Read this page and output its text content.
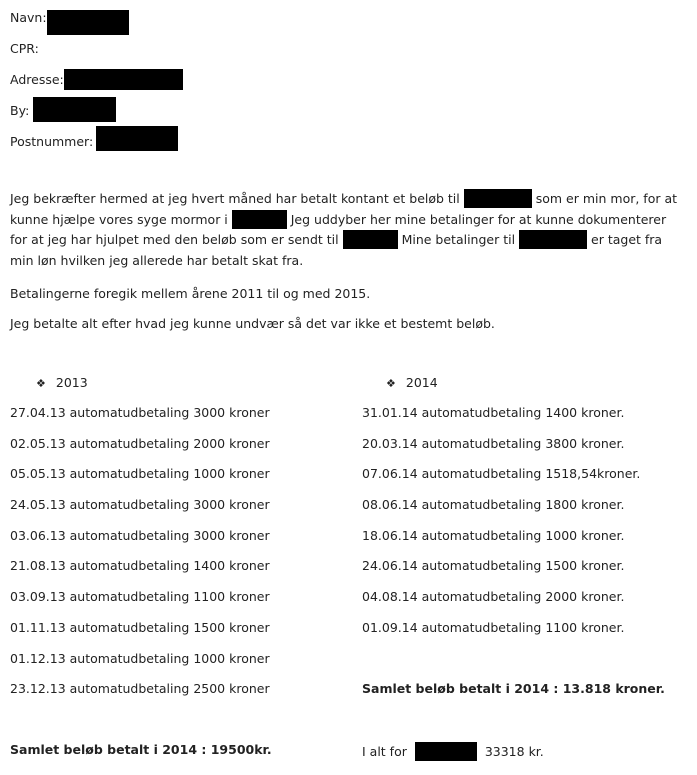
Navn:
CPR:
Adresse:
By:
Postnummer:
Jeg bekræfter hermed at jeg hvert måned har betalt kontant et beløb til	som er min mor, for at
kunne hjælpe vores syge mormor i	Jeg uddyber her mine betalinger for at kunne dokumenterer
for at jeg har hjulpet med den beløb som er sendt til	Mine betalinger til	er taget fra
min løn hvilken jeg allerede har betalt skat fra.
Betalingerne foregik mellem årene 2011 til og med 2015.
Jeg betalte alt efter hvad jeg kunne undvær så det var ikke et bestemt beløb.
❖ 2013
27.04.13 automatudbetaling 3000 kroner
02.05.13 automatudbetaling 2000 kroner
05.05.13 automatudbetaling 1000 kroner
24.05.13 automatudbetaling 3000 kroner
03.06.13 automatudbetaling 3000 kroner
21.08.13 automatudbetaling 1400 kroner
03.09.13 automatudbetaling 1100 kroner
01.11.13 automatudbetaling 1500 kroner
01.12.13 automatudbetaling 1000 kroner
23.12.13 automatudbetaling 2500 kroner
Samlet beløb betalt i 2014 : 19500kr.
❖ 2014
31.01.14 automatudbetaling 1400 kroner.
20.03.14 automatudbetaling 3800 kroner.
07.06.14 automatudbetaling 1518,54kroner.
08.06.14 automatudbetaling 1800 kroner.
18.06.14 automatudbetaling 1000 kroner.
24.06.14 automatudbetaling 1500 kroner.
04.08.14 automatudbetaling 2000 kroner.
01.09.14 automatudbetaling 1100 kroner.
Samlet beløb betalt i 2014 : 13.818 kroner.
I alt for	33318 kr.
